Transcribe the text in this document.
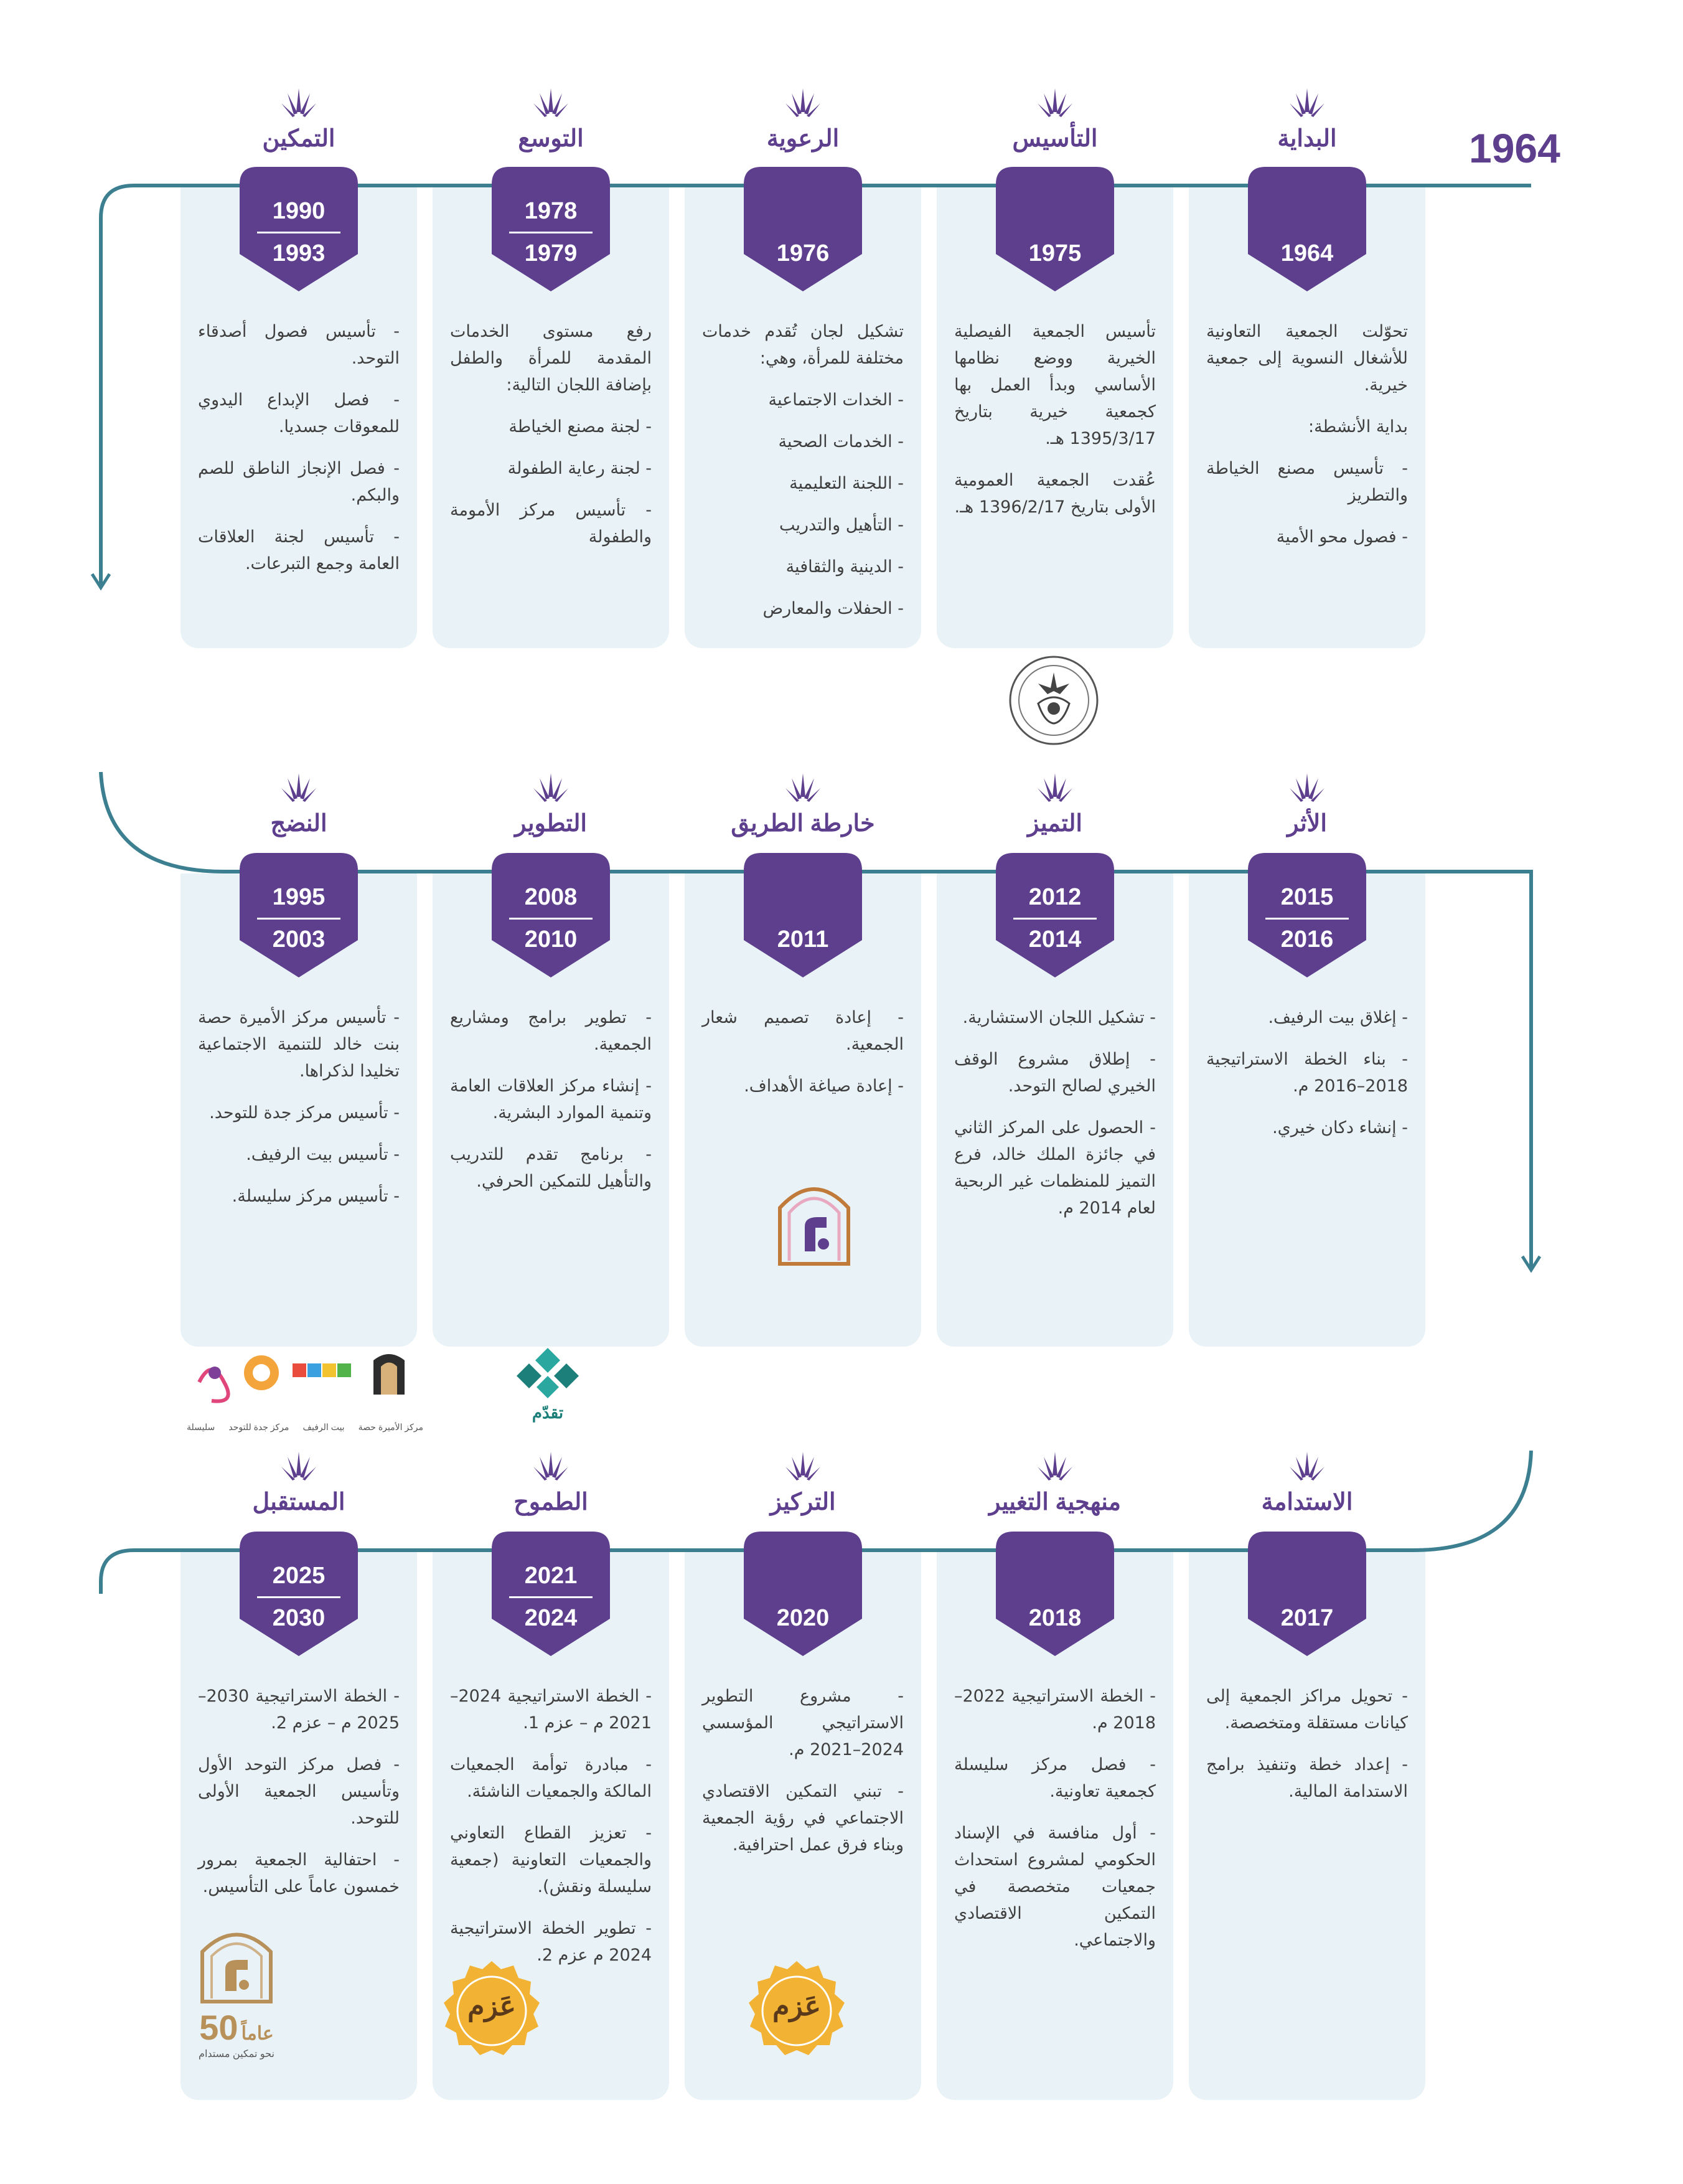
1964
البداية

تحوّلت الجمعية التعاونية للأشغال النسوية إلى جمعية خيرية.

بداية الأنشطة:

- تأسيس مصنع الخياطة والتطريز

- فصول محو الأمية

1964
التأسيس

تأسيس الجمعية الفيصلية الخيرية ووضع نظامها الأساسي وبدأ العمل بها كجمعية خيرية بتاريخ 1395/3/17 هـ.

عُقدت الجمعية العمومية الأولى بتاريخ 1396/2/17 هـ.

1975
الرعوية

تشكيل لجان تُقدم خدمات مختلفة للمرأة، وهي:

- الخدات الاجتماعية

- الخدمات الصحية

- اللجنة التعليمية

- التأهيل والتدريب

- الدينية والثقافية

- الحفلات والمعارض

1976
التوسع

رفع مستوى الخدمات المقدمة للمرأة والطفل بإضافة اللجان التالية:

- لجنة مصنع الخياطة

- لجنة رعاية الطفولة

- تأسيس مركز الأمومة والطفولة

1978
1979
التمكين

- تأسيس فصول أصدقاء التوحد.

- فصل الإبداع اليدوي للمعوقات جسديا.

- فصل الإنجاز الناطق للصم والبكم.

- تأسيس لجنة العلاقات العامة وجمع التبرعات.

1990
1993
الأثر

- إغلاق بيت الرفيف.

- بناء الخطة الاستراتيجية 2018–2016 م.

- إنشاء دكان خيري.

2015
2016
التميز

- تشكيل اللجان الاستشارية.

- إطلاق مشروع الوقف الخيري لصالح التوحد.

- الحصول على المركز الثاني في جائزة الملك خالد، فرع التميز للمنظمات غير الربحية لعام 2014 م.

2012
2014
خارطة الطريق

- إعادة تصميم شعار الجمعية.

- إعادة صياغة الأهداف.

2011
التطوير

- تطوير برامج ومشاريع الجمعية.

- إنشاء مركز العلاقات العامة وتنمية الموارد البشرية.

- برنامج تقدم للتدريب والتأهيل للتمكين الحرفي.

2008
2010
النضج

- تأسيس مركز الأميرة حصة بنت خالد للتنمية الاجتماعية تخليدا لذكراها.

- تأسيس مركز جدة للتوحد.

- تأسيس بيت الرفيف.

- تأسيس مركز سليسلة.

1995
2003
الاستدامة

- تحويل مراكز الجمعية إلى كيانات مستقلة ومتخصصة.

- إعداد خطة وتنفيذ برامج الاستدامة المالية.

2017
منهجية التغيير

- الخطة الاستراتيجية 2022–2018 م.

- فصل مركز سليسلة كجمعية تعاونية.

- أول منافسة في الإسناد الحكومي لمشروع استحداث جمعيات متخصصة في التمكين الاقتصادي والاجتماعي.

2018
التركيز

- مشروع التطوير الاستراتيجي المؤسسي 2024–2021 م.

- تبني التمكين الاقتصادي الاجتماعي في رؤية الجمعية وبناء فرق عمل احترافية.

2020
الطموح

- الخطة الاستراتيجية 2024–2021 م – عزم 1.

- مبادرة توأمة الجمعيات المالكة والجمعيات الناشئة.

- تعزيز القطاع التعاوني والجمعيات التعاونية (جمعية سليسلة ونقش).

- تطوير الخطة الاستراتيجية 2024 م عزم 2.

2021
2024
المستقبل

- الخطة الاستراتيجية 2030–2025 م – عزم 2.

- فصل مركز التوحد الأول وتأسيس الجمعية الأولى للتوحد.

- احتفالية الجمعية بمرور خمسون عاماً على التأسيس.

2025
2030
تقدّم
سليسلة مركز جدة للتوحد بيت الرفيف مركز الأميرة حصة
50 عاماً
نحو تمكين مستدام
عَزم	عَزم
